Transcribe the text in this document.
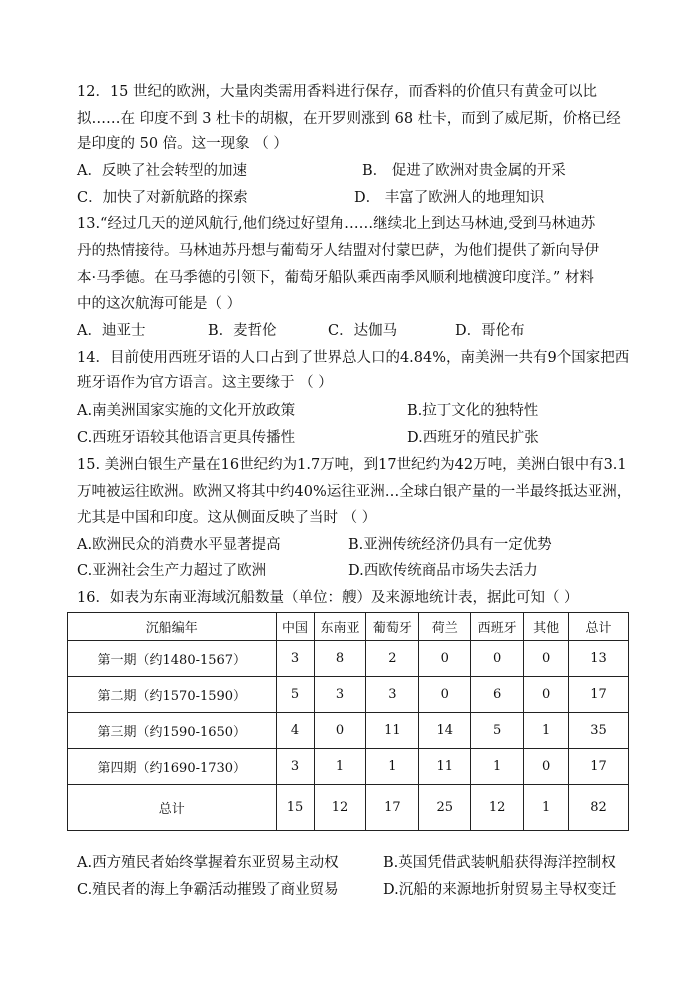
12．15 世纪的欧洲，大量肉类需用香料进行保存，而香料的价值只有黄金可以比
拟……在 印度不到 3 杜卡的胡椒，在开罗则涨到 68 杜卡，而到了威尼斯，价格已经
是印度的 50 倍。这一现象 （ ）
A．反映了社会转型的加速	B． 促进了欧洲对贵金属的开采
C．加快了对新航路的探索	D． 丰富了欧洲人的地理知识
13.“经过几天的逆风航行,他们绕过好望角……继续北上到达马林迪,受到马林迪苏
丹的热情接待。马林迪苏丹想与葡萄牙人结盟对付蒙巴萨，为他们提供了新向导伊
本·马季德。在马季德的引领下，葡萄牙船队乘西南季风顺利地横渡印度洋。” 材料
中的这次航海可能是（ ）
A．迪亚士	B．麦哲伦	C．达伽马	D．哥伦布
14．目前使用西班牙语的人口占到了世界总人口的4.84%，南美洲一共有9个国家把西
班牙语作为官方语言。这主要缘于 （ ）
A.南美洲国家实施的文化开放政策	B.拉丁文化的独特性
C.西班牙语较其他语言更具传播性	D.西班牙的殖民扩张
15. 美洲白银生产量在16世纪约为1.7万吨，到17世纪约为42万吨，美洲白银中有3.1
万吨被运往欧洲。欧洲又将其中约40%运往亚洲…全球白银产量的一半最终抵达亚洲，
尤其是中国和印度。这从侧面反映了当时 （ ）
A.欧洲民众的消费水平显著提高	B.亚洲传统经济仍具有一定优势
C.亚洲社会生产力超过了欧洲	D.西欧传统商品市场失去活力
16．如表为东南亚海域沉船数量（单位：艘）及来源地统计表，据此可知（ ）
沉船编年	中国	东南亚	葡萄牙	荷兰	西班牙	其他	总计
第一期（约1480-1567）	3	8	2	0	0	0	13
第二期（约1570-1590）	5	3	3	0	6	0	17
第三期（约1590-1650）	4	0	11	14	5	1	35
第四期（约1690-1730）	3	1	1	11	1	0	17
总计	15	12	17	25	12	1	82
A.西方殖民者始终掌握着东亚贸易主动权	B.英国凭借武装帆船获得海洋控制权
C.殖民者的海上争霸活动摧毁了商业贸易	D.沉船的来源地折射贸易主导权变迁
